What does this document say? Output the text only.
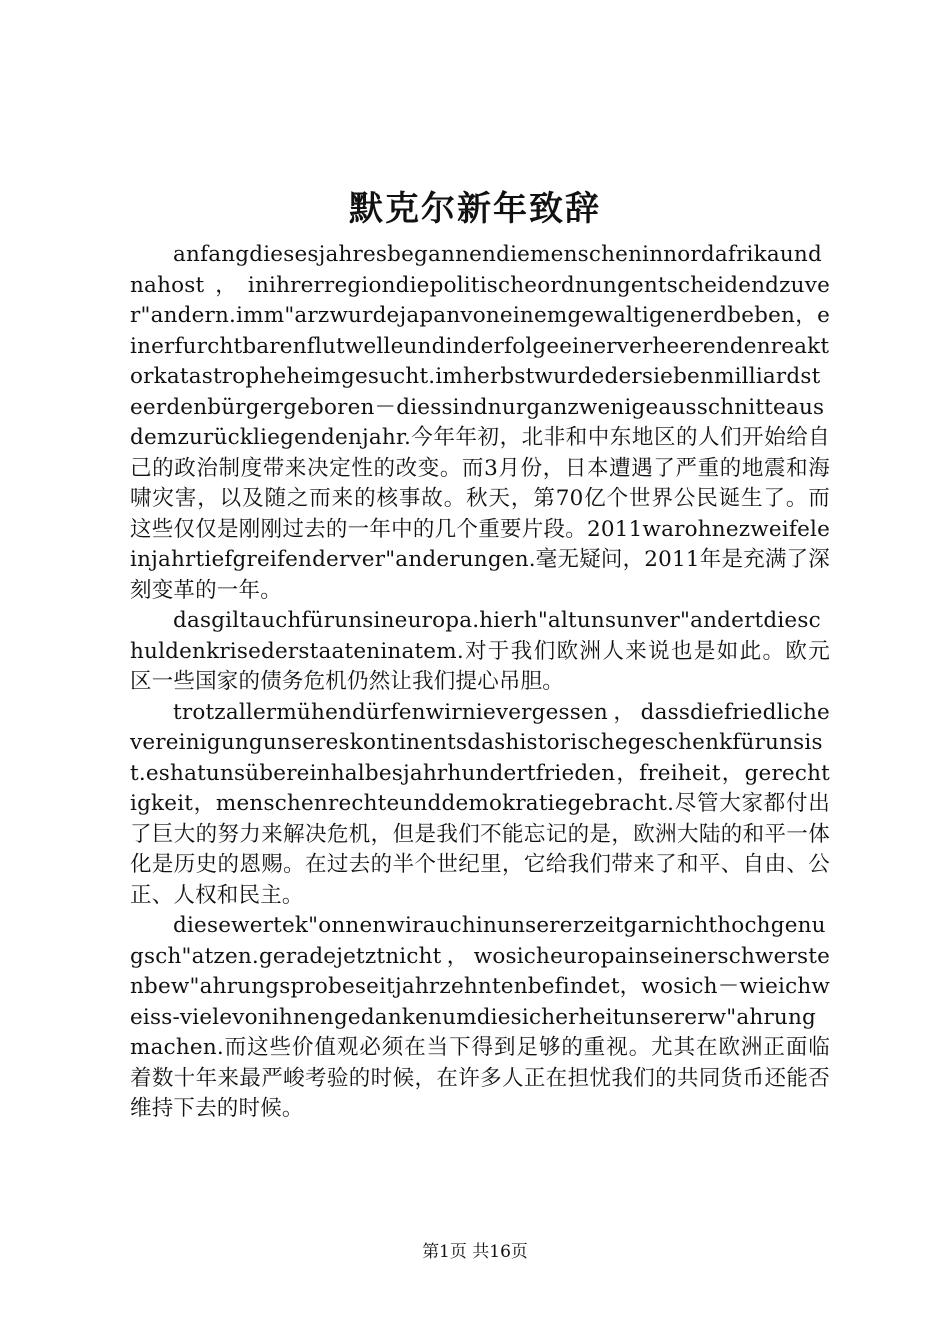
默克尔新年致辞

anfangdiesesjahresbegannendiemenscheninnordafrikaundnahost，inihrerregiondiepolitischeordnungentscheidendzuver"andern.imm"arzwurdejapanvoneinemgewaltigenerdbeben，einerfurchtbarenflutwelleundinderfolgeeinerverheerendenreaktorkatastropheheimgesucht.imherbstwurdedersiebenmilliardsteerdenbürgergeboren－diessindnurganzwenigeausschnitteausdemzurückliegendenjahr.今年年初，北非和中东地区的人们开始给自己的政治制度带来决定性的改变。而3月份，日本遭遇了严重的地震和海啸灾害，以及随之而来的核事故。秋天，第70亿个世界公民诞生了。而这些仅仅是刚刚过去的一年中的几个重要片段。2011warohnezweifeleinjahrtiefgreifenderver"anderungen.毫无疑问，2011年是充满了深刻变革的一年。

dasgiltauchfürunsineuropa.hierh"altunsunver"andertdieschuldenkrisederstaateninatem.对于我们欧洲人来说也是如此。欧元区一些国家的债务危机仍然让我们提心吊胆。

trotzallermühendürfenwirnievergessen，dassdiefriedlichevereinigungunsereskontinentsdashistorischegeschenkfürunsist.eshatunsübereinhalbesjahrhundertfrieden，freiheit，gerechtigkeit，menschenrechteunddemokratiegebracht.尽管大家都付出了巨大的努力来解决危机，但是我们不能忘记的是，欧洲大陆的和平一体化是历史的恩赐。在过去的半个世纪里，它给我们带来了和平、自由、公正、人权和民主。

diesewertek"onnenwirauchinunsererzeitgarnichthochgenugsch"atzen.geradejetztnicht，wosicheuropainseinerschwerstenbew"ahrungsprobeseitjahrzehntenbefindet，wosich－wieichweiss-vielevonihnengedankenumdiesicherheitunsererw"ahrungmachen.而这些价值观必须在当下得到足够的重视。尤其在欧洲正面临着数十年来最严峻考验的时候，在许多人正在担忧我们的共同货币还能否维持下去的时候。

第1页 共16页
